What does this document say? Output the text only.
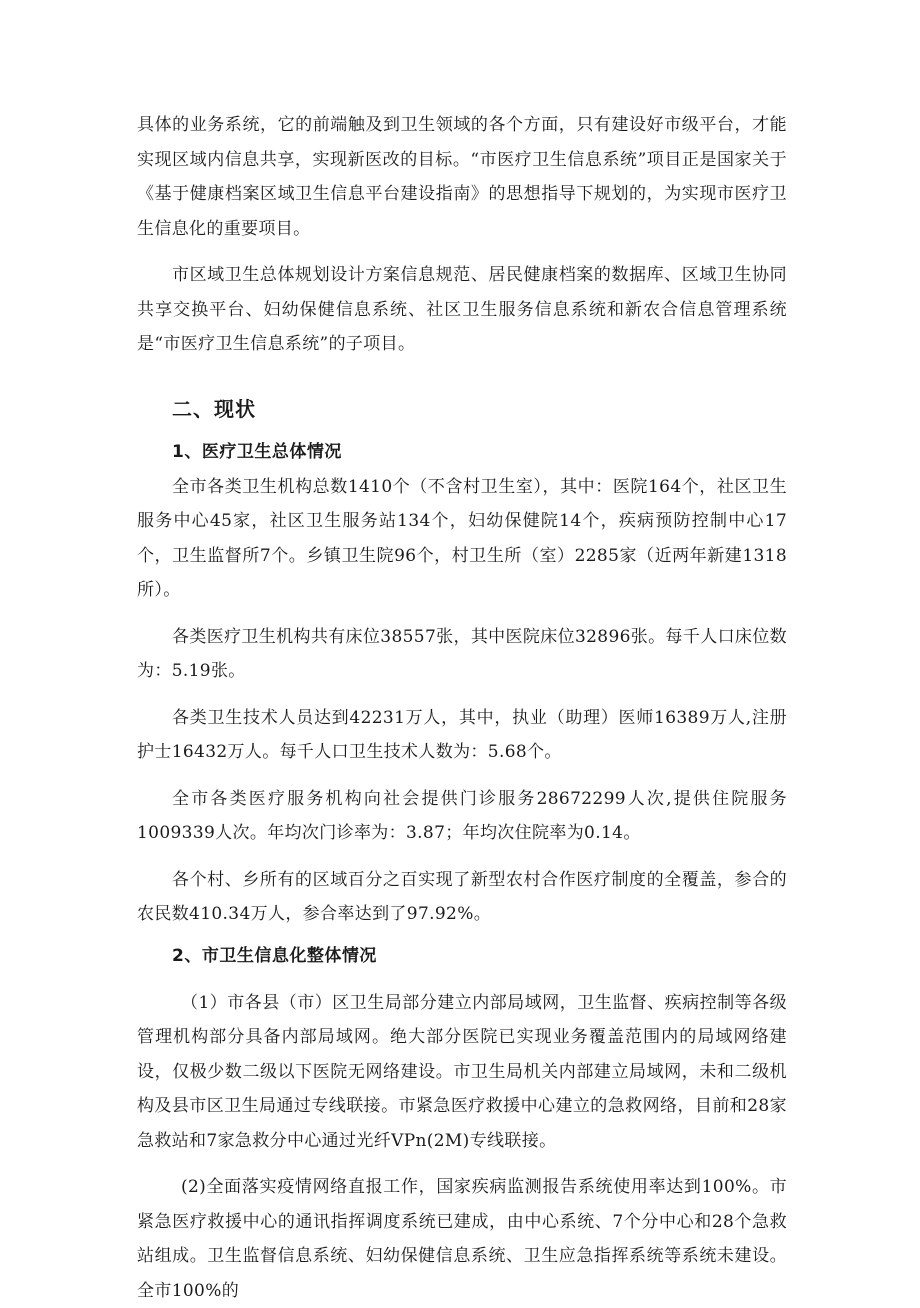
具体的业务系统，它的前端触及到卫生领域的各个方面，只有建设好市级平台，才能实现区域内信息共享，实现新医改的目标。“市医疗卫生信息系统”项目正是国家关于《基于健康档案区域卫生信息平台建设指南》的思想指导下规划的，为实现市医疗卫生信息化的重要项目。

市区域卫生总体规划设计方案信息规范、居民健康档案的数据库、区域卫生协同共享交换平台、妇幼保健信息系统、社区卫生服务信息系统和新农合信息管理系统是“市医疗卫生信息系统”的子项目。

二、现状
1、医疗卫生总体情况

全市各类卫生机构总数1410个（不含村卫生室），其中：医院164个，社区卫生服务中心45家，社区卫生服务站134个，妇幼保健院14个，疾病预防控制中心17个，卫生监督所7个。乡镇卫生院96个，村卫生所（室）2285家（近两年新建1318所）。

各类医疗卫生机构共有床位38557张，其中医院床位32896张。每千人口床位数为：5.19张。

各类卫生技术人员达到42231万人，其中，执业（助理）医师16389万人,注册护士16432万人。每千人口卫生技术人数为：5.68个。

全市各类医疗服务机构向社会提供门诊服务28672299人次,提供住院服务1009339人次。年均次门诊率为：3.87；年均次住院率为0.14。

各个村、乡所有的区域百分之百实现了新型农村合作医疗制度的全覆盖，参合的农民数410.34万人，参合率达到了97.92%。

2、市卫生信息化整体情况

（1）市各县（市）区卫生局部分建立内部局域网，卫生监督、疾病控制等各级管理机构部分具备内部局域网。绝大部分医院已实现业务覆盖范围内的局域网络建设，仅极少数二级以下医院无网络建设。市卫生局机关内部建立局域网，未和二级机构及县市区卫生局通过专线联接。市紧急医疗救援中心建立的急救网络，目前和28家急救站和7家急救分中心通过光纤VPn(2M)专线联接。

(2)全面落实疫情网络直报工作，国家疾病监测报告系统使用率达到100%。市紧急医疗救援中心的通讯指挥调度系统已建成，由中心系统、7个分中心和28个急救站组成。卫生监督信息系统、妇幼保健信息系统、卫生应急指挥系统等系统未建设。全市100%的
